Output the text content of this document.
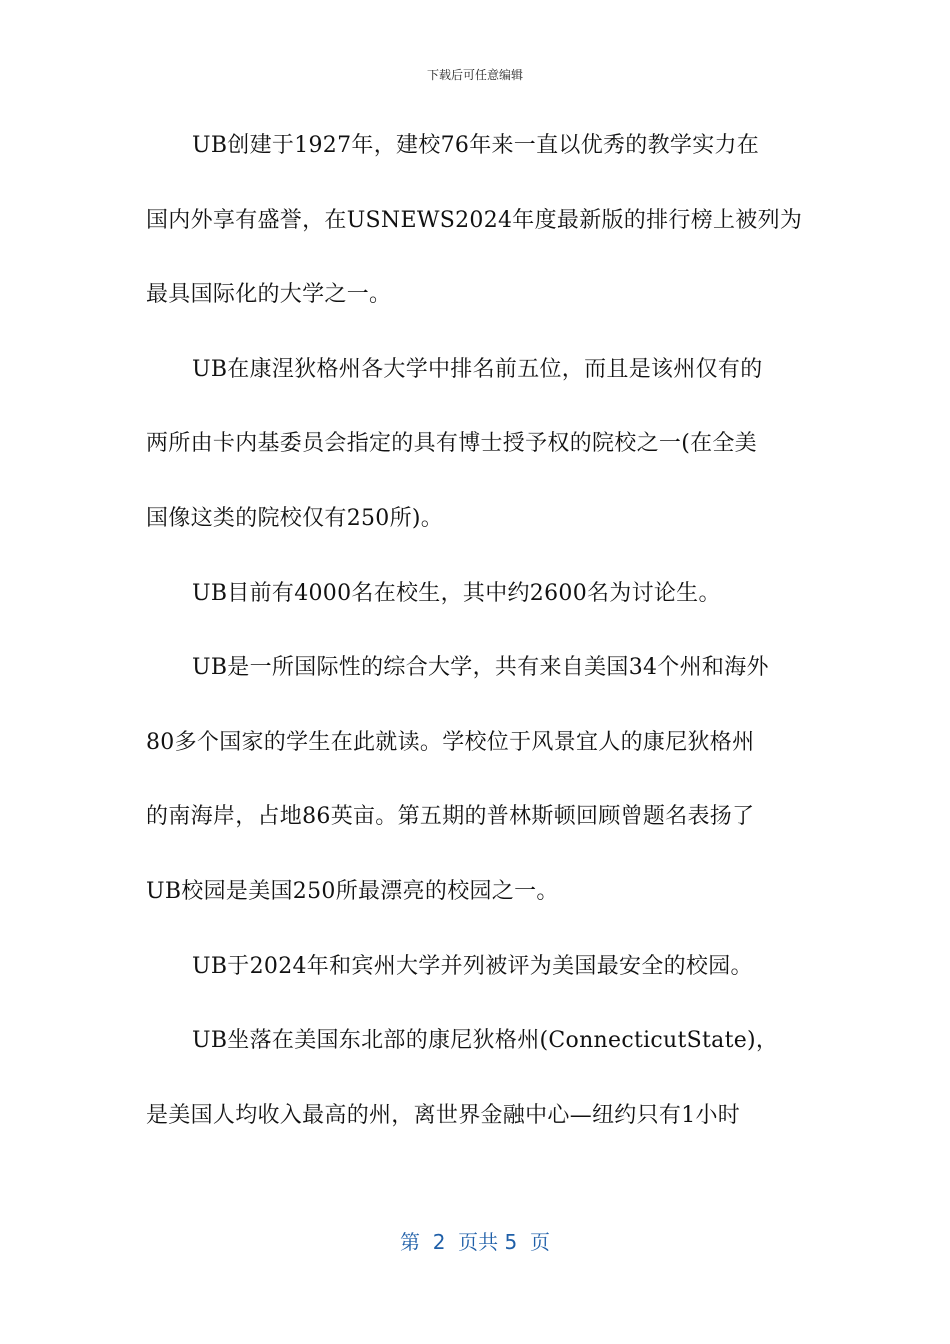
下载后可任意编辑
UB创建于1927年，建校76年来一直以优秀的教学实力在
国内外享有盛誉，在USNEWS2024年度最新版的排行榜上被列为
最具国际化的大学之一。
UB在康涅狄格州各大学中排名前五位，而且是该州仅有的
两所由卡内基委员会指定的具有博士授予权的院校之一(在全美
国像这类的院校仅有250所)。
UB目前有4000名在校生，其中约2600名为讨论生。
UB是一所国际性的综合大学，共有来自美国34个州和海外
80多个国家的学生在此就读。学校位于风景宜人的康尼狄格州
的南海岸，占地86英亩。第五期的普林斯顿回顾曾题名表扬了
UB校园是美国250所最漂亮的校园之一。
UB于2024年和宾州大学并列被评为美国最安全的校园。
UB坐落在美国东北部的康尼狄格州(ConnecticutState)，
是美国人均收入最高的州，离世界金融中心—纽约只有1小时
第  2  页共 5  页
